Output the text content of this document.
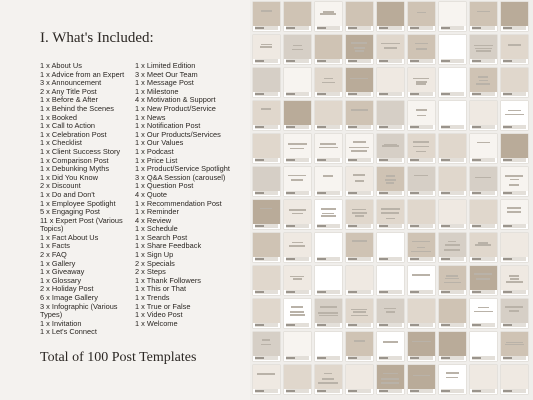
I. What's Included:
1 x About Us
1 x Advice from an Expert
3 x Announcement
2 x Any Title Post
1 x Before & After
1 x Behind the Scenes
1 x Booked
1 x Call to Action
1 x Celebration Post
1 x Checklist
1 x Client Success Story
1 x Comparison Post
1 x Debunking Myths
1 x Did You Know
2 x Discount
1 x Do and Don't
1 x Employee Spotlight
5 x Engaging Post
11 x Expert Post (Various Topics)
1 x Fact About Us
1 x Facts
2 x FAQ
1 x Gallery
1 x Giveaway
1 x Glossary
2 x Holiday Post
6 x Image Gallery
3 x Infographic (Various Types)
1 x Invitation
1 x Let's Connect
1 x Limited Edition
3 x Meet Our Team
1 x Message Post
1 x Milestone
4 x Motivation & Support
1 x New Product/Service
1 x News
1 x Notification Post
1 x Our Products/Services
1 x Our Values
1 x Podcast
1 x Price List
1 x Product/Service Spotlight
3 x Q&A Session (carousel)
1 x Question Post
4 x Quote
1 x Recommendation Post
1 x Reminder
4 x Review
1 x Schedule
1 x Search Post
1 x Share Feedback
1 x Sign Up
2 x Specials
2 x Steps
1 x Thank Followers
1 x This or That
1 x Trends
1 x True or False
1 x Video Post
1 x Welcome
Total of 100 Post Templates
